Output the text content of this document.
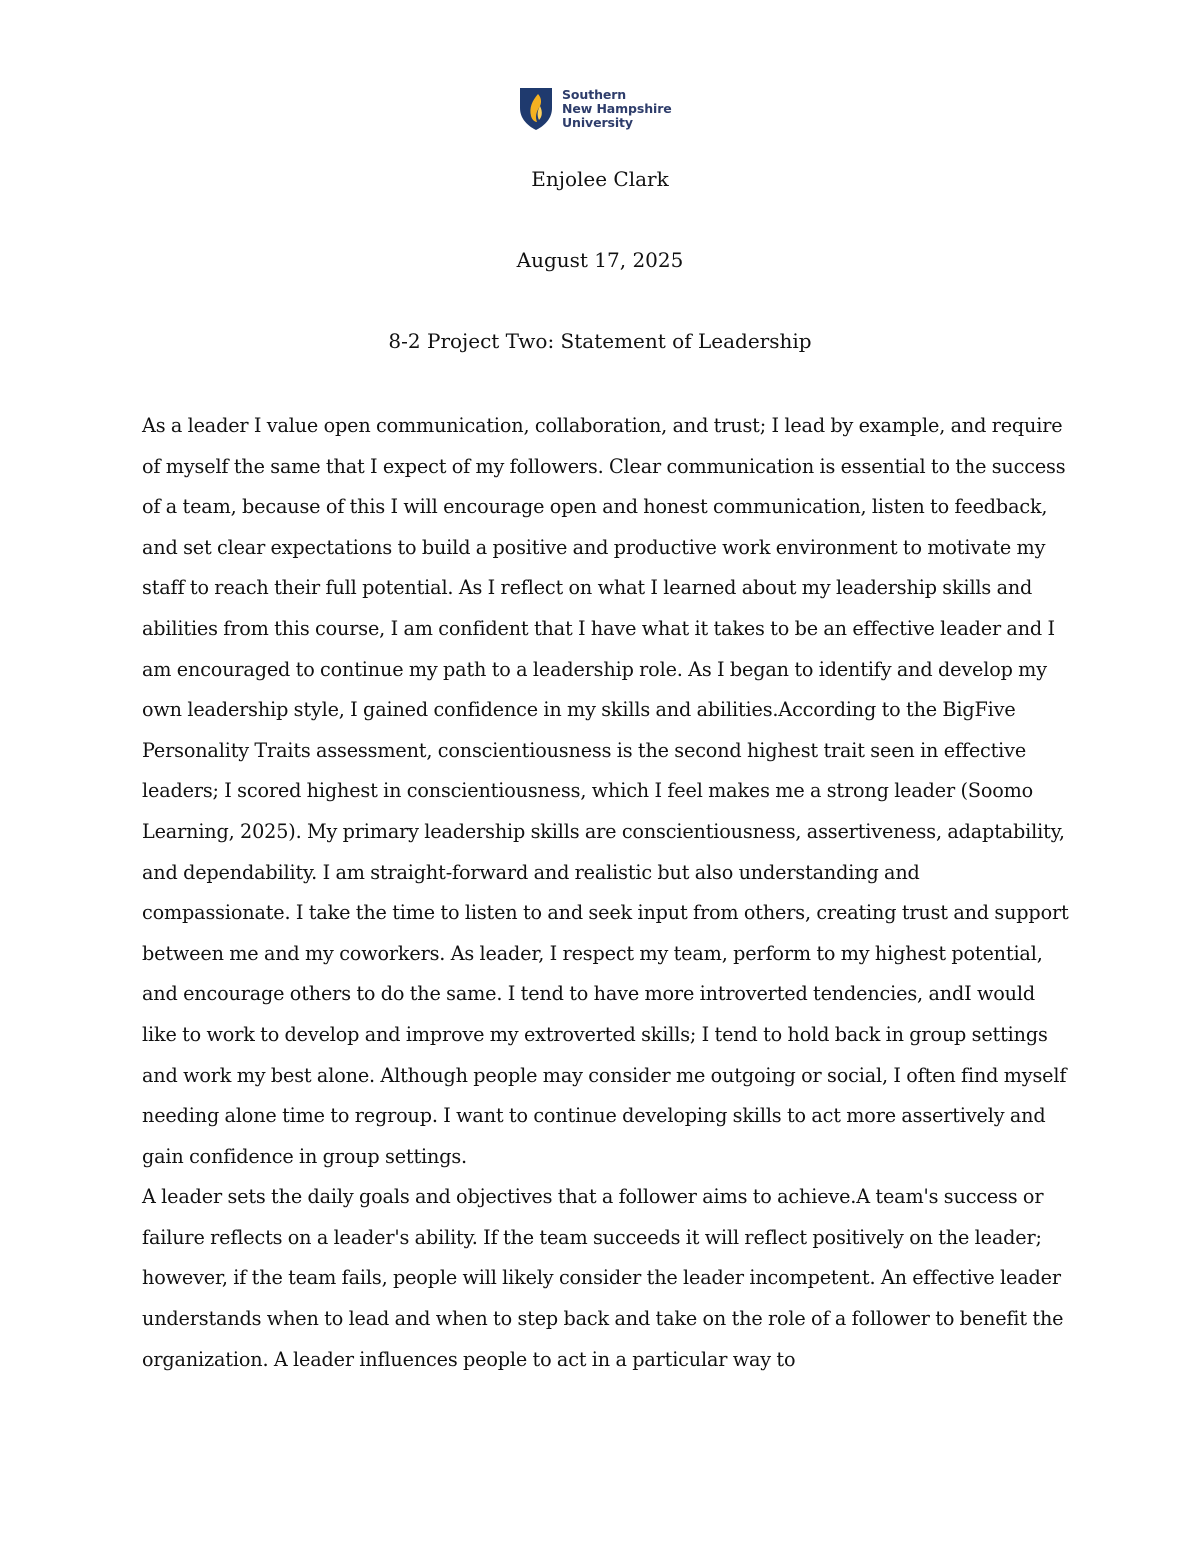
Southern
New Hampshire
University
Enjolee Clark
August 17, 2025
8-2 Project Two: Statement of Leadership

As a leader I value open communication, collaboration, and trust; I lead by example, and require of myself the same that I expect of my followers. Clear communication is essential to the success of a team, because of this I will encourage open and honest communication, listen to feedback, and set clear expectations to build a positive and productive work environment to motivate my staff to reach their full potential. As I reflect on what I learned about my leadership skills and abilities from this course, I am confident that I have what it takes to be an effective leader and I am encouraged to continue my path to a leadership role. As I began to identify and develop my own leadership style, I gained confidence in my skills and abilities.According to the BigFive Personality Traits assessment, conscientiousness is the second highest trait seen in effective leaders; I scored highest in conscientiousness, which I feel makes me a strong leader (Soomo Learning, 2025). My primary leadership skills are conscientiousness, assertiveness, adaptability, and dependability. I am straight-forward and realistic but also understanding and compassionate. I take the time to listen to and seek input from others, creating trust and support between me and my coworkers. As leader, I respect my team, perform to my highest potential, and encourage others to do the same. I tend to have more introverted tendencies, andI would like to work to develop and improve my extroverted skills; I tend to hold back in group settings and work my best alone. Although people may consider me outgoing or social, I often find myself needing alone time to regroup. I want to continue developing skills to act more assertively and gain confidence in group settings.

A leader sets the daily goals and objectives that a follower aims to achieve.A team's success or failure reflects on a leader's ability. If the team succeeds it will reflect positively on the leader; however, if the team fails, people will likely consider the leader incompetent. An effective leader understands when to lead and when to step back and take on the role of a follower to benefit the organization. A leader influences people to act in a particular way to
